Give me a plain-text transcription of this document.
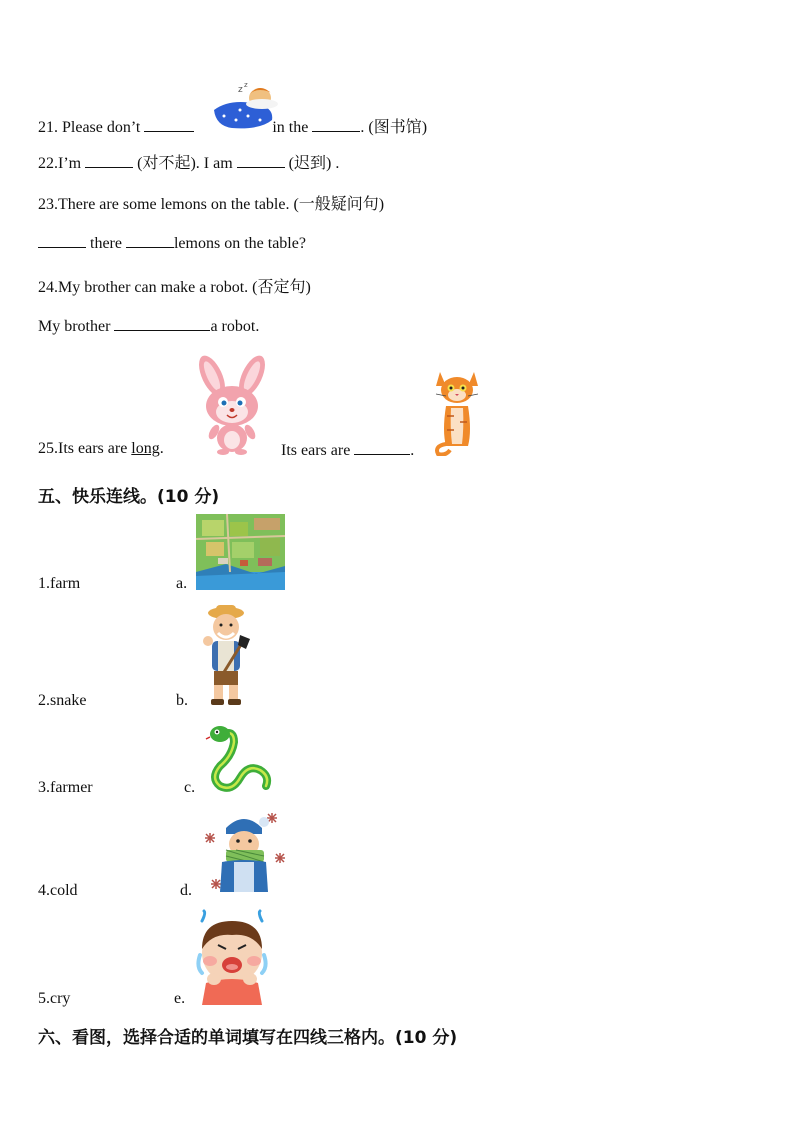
21. Please don’t	in the	. (图书馆)
z z
22.I’m	(对不起). I am	(迟到) .
23.There are some lemons on the table. (一般疑问句)
there	lemons on the table?
24.My brother can make a robot. (否定句)
My brother	a robot.
25.Its ears are long.	Its ears are	.
五、快乐连线。(10 分)
1.farm	a.
2.snake	b.
3.farmer	c.
4.cold	d.
5.cry	e.
六、看图，选择合适的单词填写在四线三格内。(10 分)
